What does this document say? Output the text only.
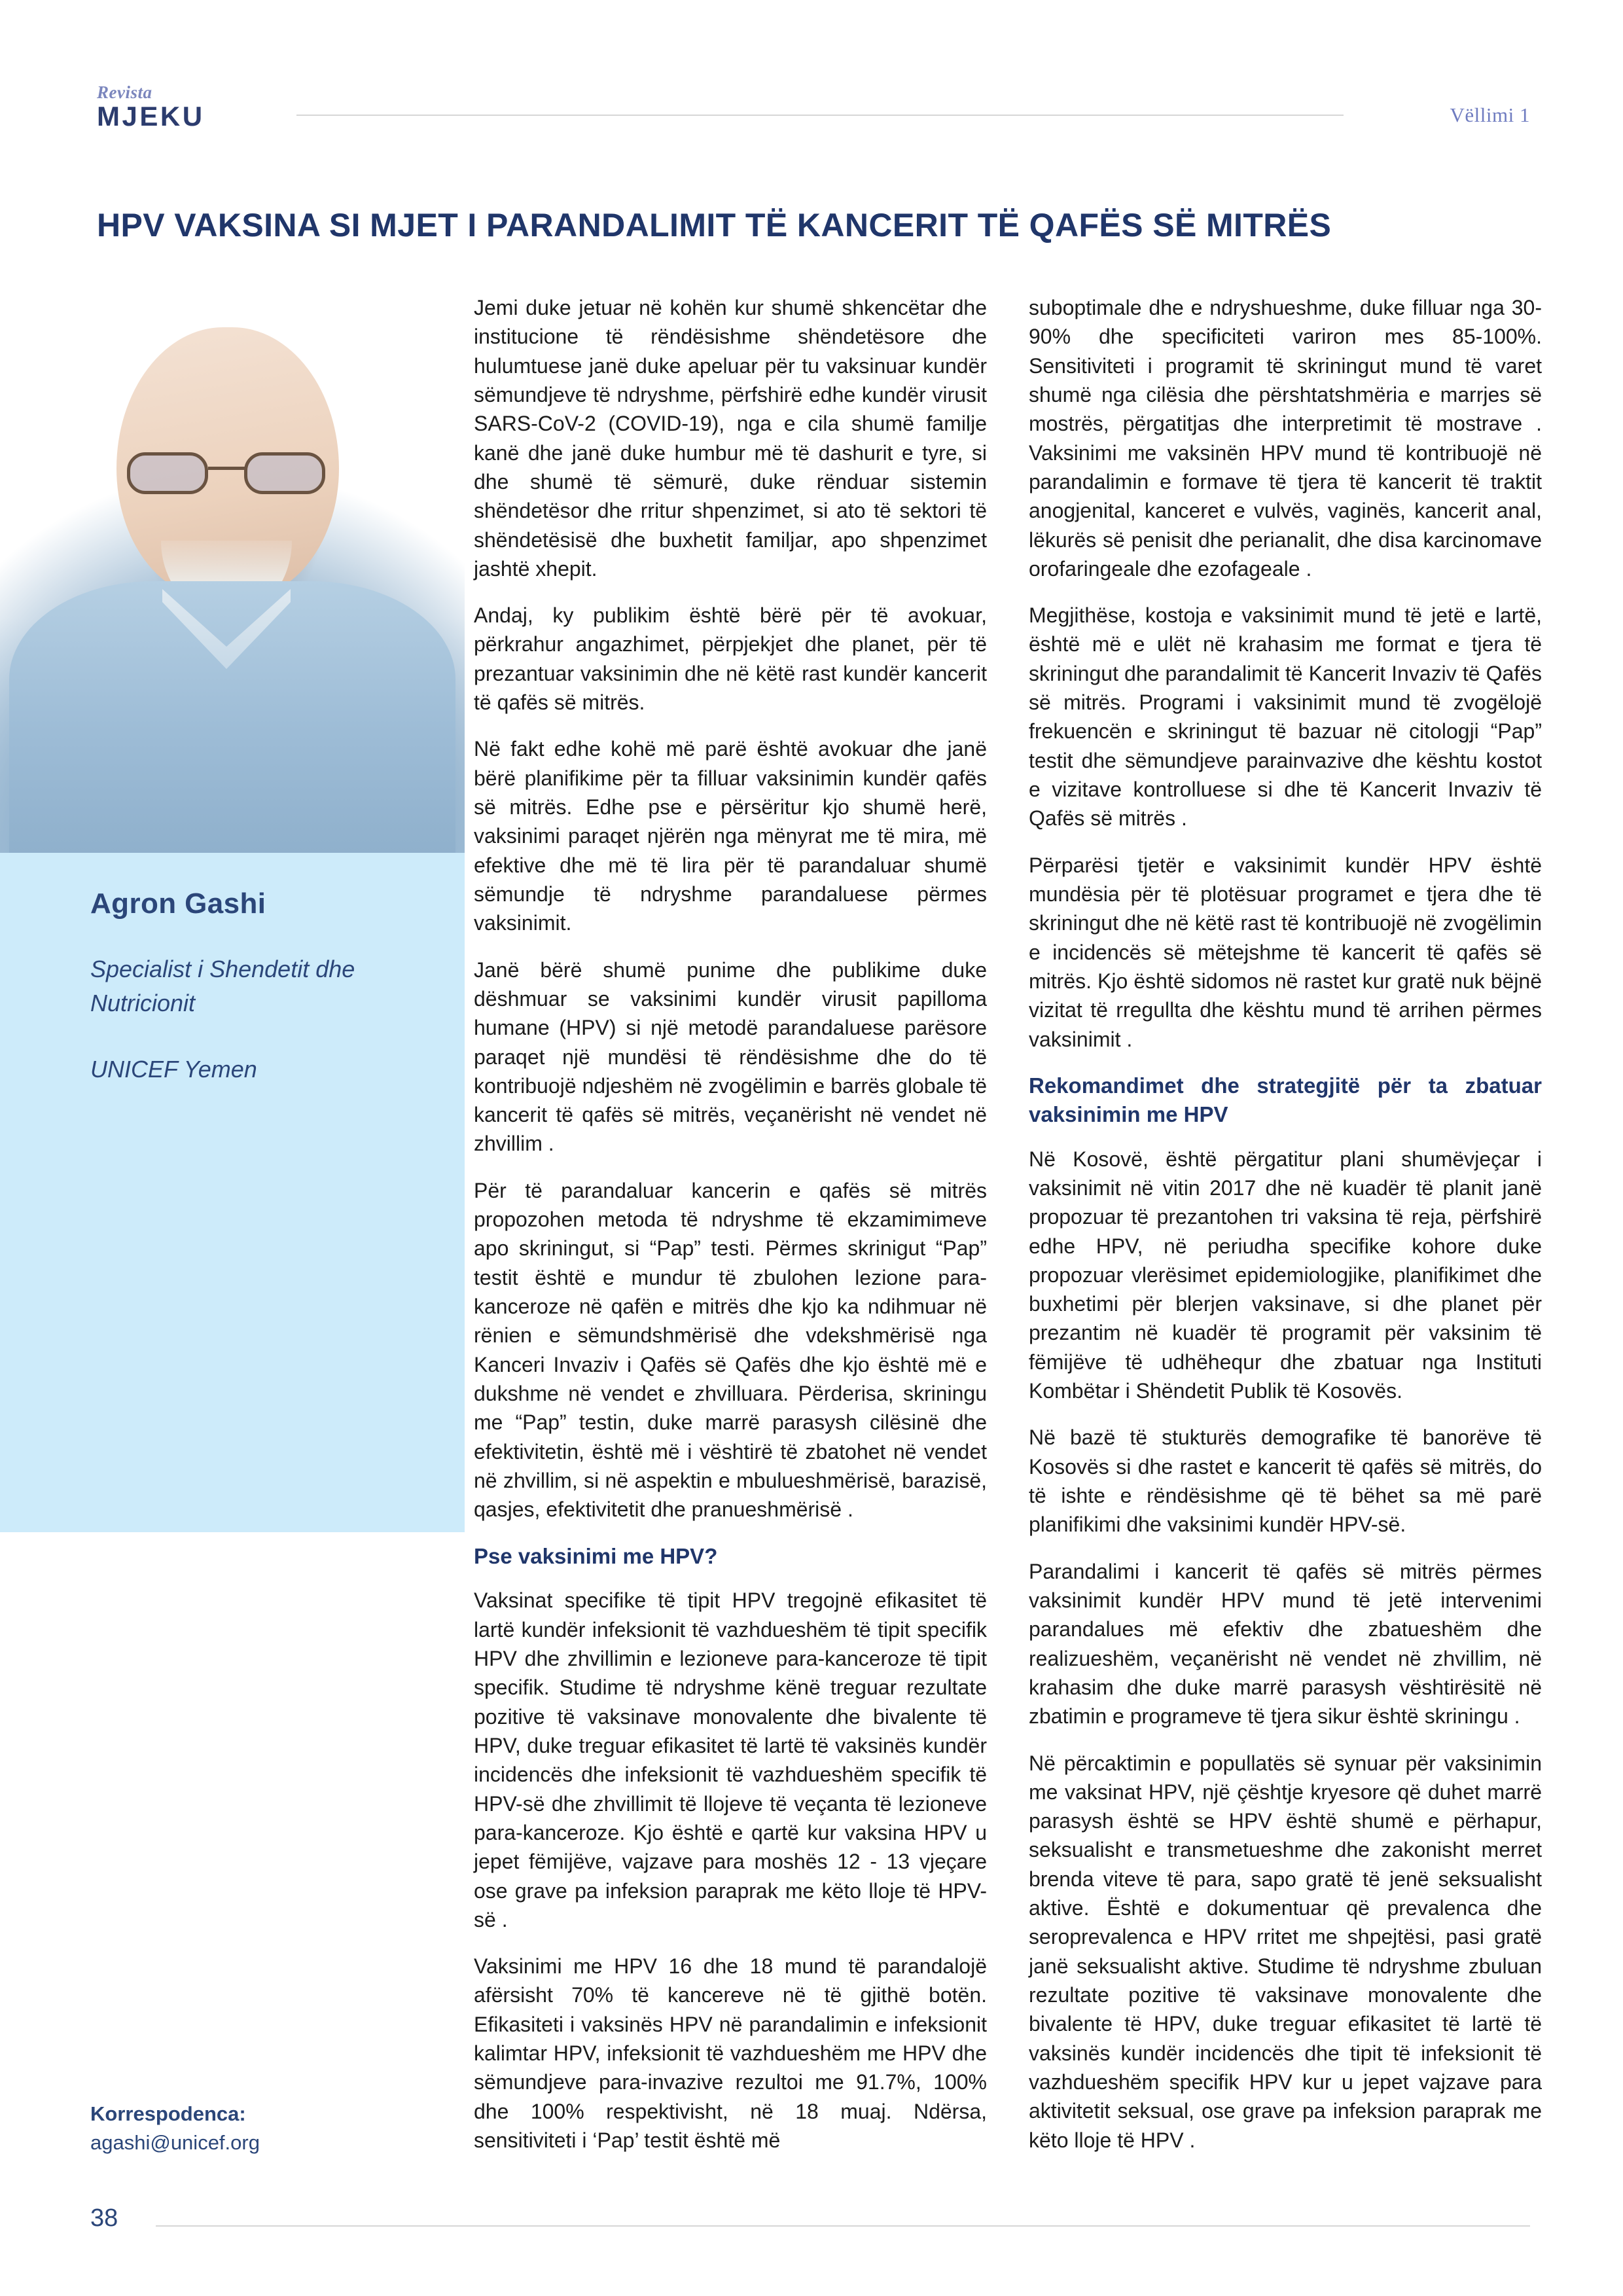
Revista
MJEKU	Vëllimi 1
HPV VAKSINA SI MJET I PARANDALIMIT TË KANCERIT TË QAFËS SË MITRËS
Agron Gashi
Specialist i Shendetit dhe Nutricionit
UNICEF Yemen
Korrespodenca:
agashi@unicef.org

Jemi duke jetuar në kohën kur shumë shkencëtar dhe institucione të rëndësishme shëndetësore dhe hulumtuese janë duke apeluar për tu vaksinuar kundër sëmundjeve të ndryshme, përfshirë edhe kundër virusit SARS-CoV-2 (COVID-19), nga e cila shumë familje kanë dhe janë duke humbur më të dashurit e tyre, si dhe shumë të sëmurë, duke rënduar sistemin shëndetësor dhe rritur shpenzimet, si ato të sektori të shëndetësisë dhe buxhetit familjar, apo shpenzimet jashtë xhepit.

Andaj, ky publikim është bërë për të avokuar, përkrahur angazhimet, përpjekjet dhe planet, për të prezantuar vaksinimin dhe në këtë rast kundër kancerit të qafës së mitrës.

Në fakt edhe kohë më parë është avokuar dhe janë bërë planifikime për ta filluar vaksinimin kundër qafës së mitrës. Edhe pse e përsëritur kjo shumë herë, vaksinimi paraqet njërën nga mënyrat me të mira, më efektive dhe më të lira për të parandaluar shumë sëmundje të ndryshme parandaluese përmes vaksinimit.

Janë bërë shumë punime dhe publikime duke dëshmuar se vaksinimi kundër virusit papilloma humane (HPV) si një metodë parandaluese parësore paraqet një mundësi të rëndësishme dhe do të kontribuojë ndjeshëm në zvogëlimin e barrës globale të kancerit të qafës së mitrës, veçanërisht në vendet në zhvillim .

Për të parandaluar kancerin e qafës së mitrës propozohen metoda të ndryshme të ekzamimimeve apo skriningut, si “Pap” testi. Përmes skrinigut “Pap” testit është e mundur të zbulohen lezione para-kanceroze në qafën e mitrës dhe kjo ka ndihmuar në rënien e sëmundshmërisë dhe vdekshmërisë nga Kanceri Invaziv i Qafës së Qafës dhe kjo është më e dukshme në vendet e zhvilluara. Përderisa, skriningu me “Pap” testin, duke marrë parasysh cilësinë dhe efektivitetin, është më i vështirë të zbatohet në vendet në zhvillim, si në aspektin e mbulueshmërisë, barazisë, qasjes, efektivitetit dhe pranueshmërisë .

Pse vaksinimi me HPV?

Vaksinat specifike të tipit HPV tregojnë efikasitet të lartë kundër infeksionit të vazhdueshëm të tipit specifik HPV dhe zhvillimin e lezioneve para-kanceroze të tipit specifik. Studime të ndryshme kënë treguar rezultate pozitive të vaksinave monovalente dhe bivalente të HPV, duke treguar efikasitet të lartë të vaksinës kundër incidencës dhe infeksionit të vazhdueshëm specifik të HPV-së dhe zhvillimit të llojeve të veçanta të lezioneve para-kanceroze. Kjo është e qartë kur vaksina HPV u jepet fëmijëve, vajzave para moshës 12 - 13 vjeçare ose grave pa infeksion paraprak me këto lloje të HPV-së .

Vaksinimi me HPV 16 dhe 18 mund të parandalojë afërsisht 70% të kancereve në të gjithë botën. Efikasiteti i vaksinës HPV në parandalimin e infeksionit kalimtar HPV, infeksionit të vazhdueshëm me HPV dhe sëmundjeve para-invazive rezultoi me 91.7%, 100% dhe 100% respektivisht, në 18 muaj. Ndërsa, sensitiviteti i ‘Pap’ testit është më

suboptimale dhe e ndryshueshme, duke filluar nga 30-90% dhe specificiteti variron mes 85-100%. Sensitiviteti i programit të skriningut mund të varet shumë nga cilësia dhe përshtatshmëria e marrjes së mostrës, përgatitjas dhe interpretimit të mostrave . Vaksinimi me vaksinën HPV mund të kontribuojë në parandalimin e formave të tjera të kancerit të traktit anogjenital, kanceret e vulvës, vaginës, kancerit anal, lëkurës së penisit dhe perianalit, dhe disa karcinomave orofaringeale dhe ezofageale .

Megjithëse, kostoja e vaksinimit mund të jetë e lartë, është më e ulët në krahasim me format e tjera të skriningut dhe parandalimit të Kancerit Invaziv të Qafës së mitrës. Programi i vaksinimit mund të zvogëlojë frekuencën e skriningut të bazuar në citologji “Pap” testit dhe sëmundjeve parainvazive dhe kështu kostot e vizitave kontrolluese si dhe të Kancerit Invaziv të Qafës së mitrës .

Përparësi tjetër e vaksinimit kundër HPV është mundësia për të plotësuar programet e tjera dhe të skriningut dhe në këtë rast të kontribuojë në zvogëlimin e incidencës së mëtejshme të kancerit të qafës së mitrës. Kjo është sidomos në rastet kur gratë nuk bëjnë vizitat të rregullta dhe kështu mund të arrihen përmes vaksinimit .

Rekomandimet dhe strategjitë për ta zbatuar vaksinimin me HPV

Në Kosovë, është përgatitur plani shumëvjeçar i vaksinimit në vitin 2017 dhe në kuadër të planit janë propozuar të prezantohen tri vaksina të reja, përfshirë edhe HPV, në periudha specifike kohore duke propozuar vlerësimet epidemiologjike, planifikimet dhe buxhetimi për blerjen vaksinave, si dhe planet për prezantim në kuadër të programit për vaksinim të fëmijëve të udhëhequr dhe zbatuar nga Instituti Kombëtar i Shëndetit Publik të Kosovës.

Në bazë të stukturës demografike të banorëve të Kosovës si dhe rastet e kancerit të qafës së mitrës, do të ishte e rëndësishme që të bëhet sa më parë planifikimi dhe vaksinimi kundër HPV-së.

Parandalimi i kancerit të qafës së mitrës përmes vaksinimit kundër HPV mund të jetë intervenimi parandalues më efektiv dhe zbatueshëm dhe realizueshëm, veçanërisht në vendet në zhvillim, në krahasim dhe duke marrë parasysh vështirësitë në zbatimin e programeve të tjera sikur është skriningu .

Në përcaktimin e popullatës së synuar për vaksinimin me vaksinat HPV, një çështje kryesore që duhet marrë parasysh është se HPV është shumë e përhapur, seksualisht e transmetueshme dhe zakonisht merret brenda viteve të para, sapo gratë të jenë seksualisht aktive. Është e dokumentuar që prevalenca dhe seroprevalenca e HPV rritet me shpejtësi, pasi gratë janë seksualisht aktive. Studime të ndryshme zbuluan rezultate pozitive të vaksinave monovalente dhe bivalente të HPV, duke treguar efikasitet të lartë të vaksinës kundër incidencës dhe tipit të infeksionit të vazhdueshëm specifik HPV kur u jepet vajzave para aktivitetit seksual, ose grave pa infeksion paraprak me këto lloje të HPV .

38
